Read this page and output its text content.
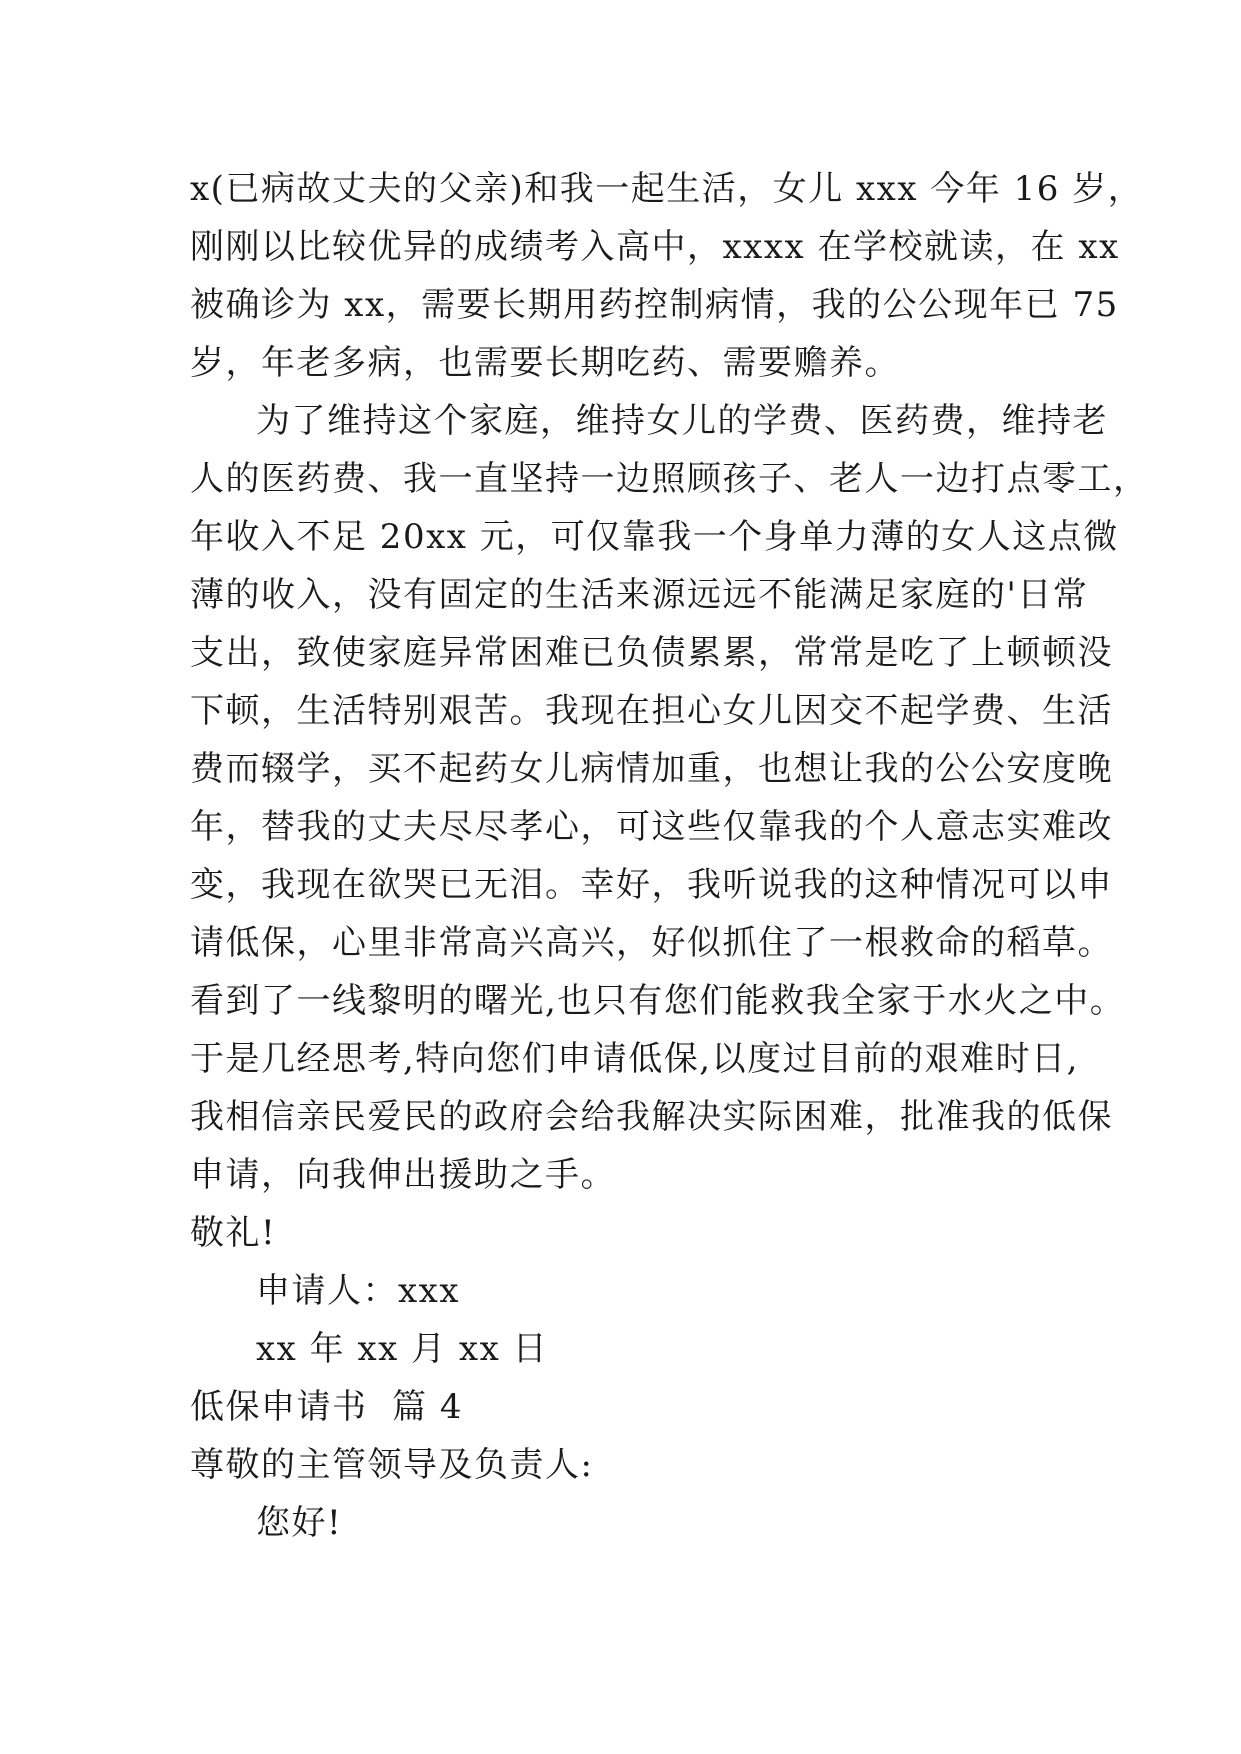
x(已病故丈夫的父亲)和我一起生活，女儿 xxx 今年 16 岁，
刚刚以比较优异的成绩考入高中，xxxx 在学校就读，在 xx
被确诊为 xx，需要长期用药控制病情，我的公公现年已 75
岁，年老多病，也需要长期吃药、需要赡养。
为了维持这个家庭，维持女儿的学费、医药费，维持老
人的医药费、我一直坚持一边照顾孩子、老人一边打点零工，
年收入不足 20xx 元，可仅靠我一个身单力薄的女人这点微
薄的收入，没有固定的生活来源远远不能满足家庭的'日常
支出，致使家庭异常困难已负债累累，常常是吃了上顿顿没
下顿，生活特别艰苦。我现在担心女儿因交不起学费、生活
费而辍学，买不起药女儿病情加重，也想让我的公公安度晚
年，替我的丈夫尽尽孝心，可这些仅靠我的个人意志实难改
变，我现在欲哭已无泪。幸好，我听说我的这种情况可以申
请低保，心里非常高兴高兴，好似抓住了一根救命的稻草。
看到了一线黎明的曙光,也只有您们能救我全家于水火之中。
于是几经思考,特向您们申请低保,以度过目前的艰难时日,
我相信亲民爱民的政府会给我解决实际困难，批准我的低保
申请，向我伸出援助之手。
敬礼!
申请人：xxx
xx 年 xx 月 xx 日
低保申请书  篇 4
尊敬的主管领导及负责人:
您好!
